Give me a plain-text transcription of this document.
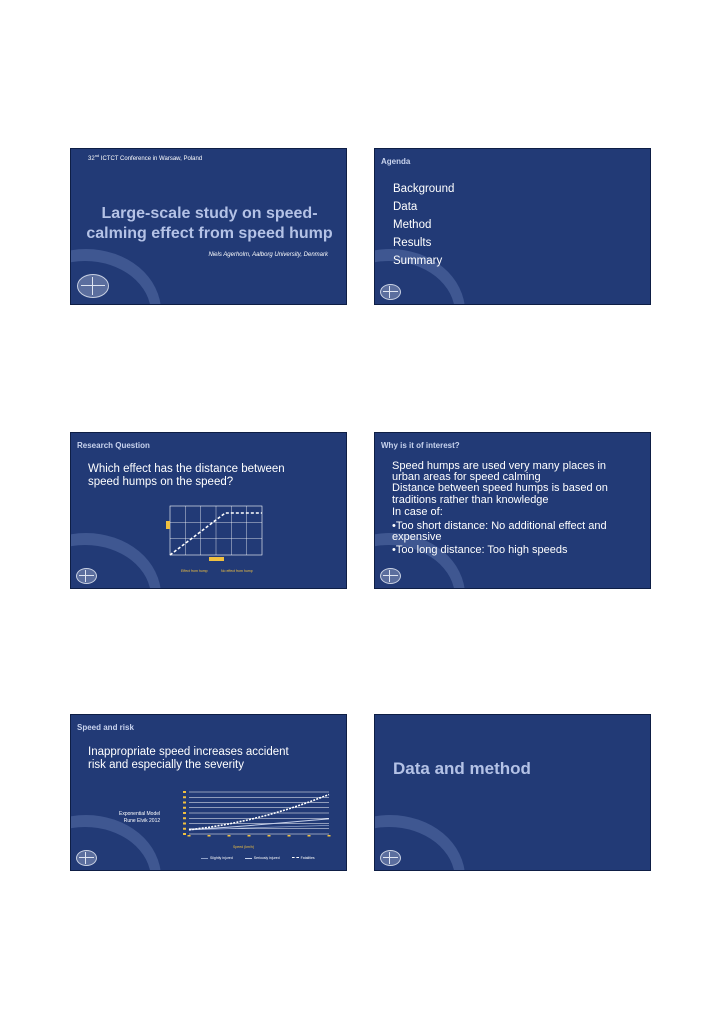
32nd ICTCT Conference in Warsaw, Poland
Large-scale study on speed-
calming effect from speed hump
Niels Agerholm, Aalborg University, Denmark
Agenda
Background
Data
Method
Results
Summary
Research Question
Which effect has the distance between
speed humps on the speed?
Effect from hump	No effect from hump
Why is it of interest?
Speed humps are used very many places in
urban areas for speed calming
Distance between speed humps is based on
traditions rather than knowledge
In case of:
•Too short distance: No additional effect and
expensive
•Too long distance: Too high speeds
Speed and risk
Inappropriate speed increases accident
risk and especially the severity
Exponential Model
Rune Elvik 2012
Speed (km/h)
Slightly injured	Seriously injured	Fatalities
Data and method
